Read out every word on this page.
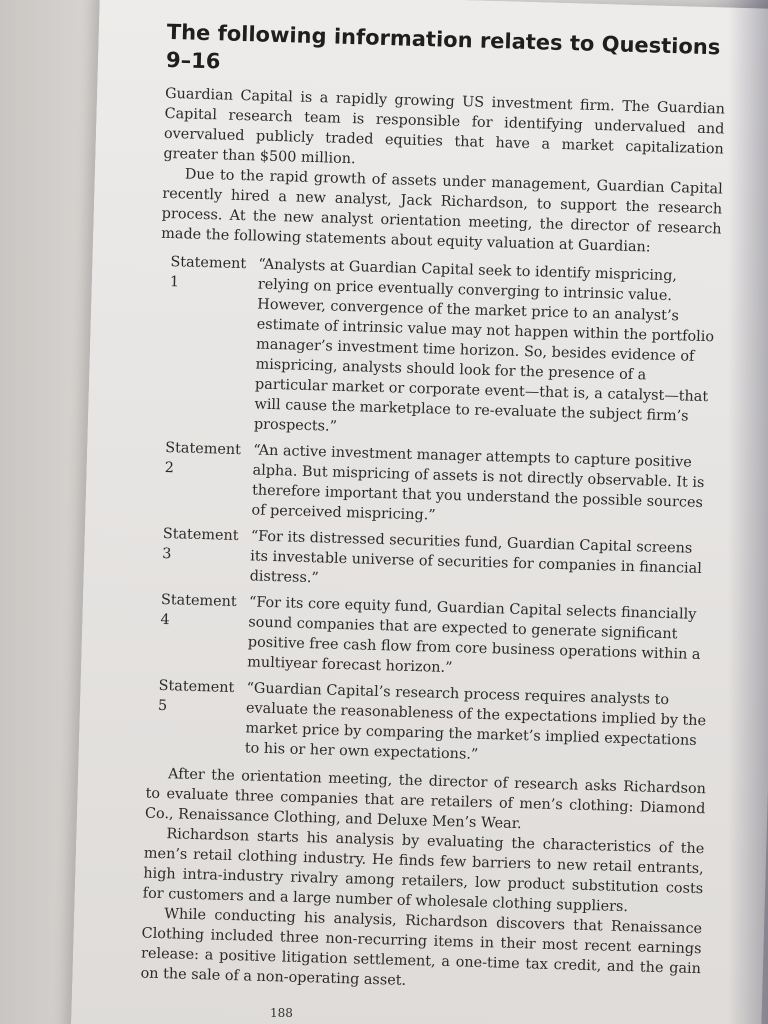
The following information relates to Questions 9–16

Guardian Capital is a rapidly growing US investment firm. The Guardian Capital research team is responsible for identifying undervalued and overvalued publicly traded equities that have a market capitalization greater than $500 million.

Due to the rapid growth of assets under management, Guardian Capital recently hired a new analyst, Jack Richardson, to support the research process. At the new analyst orientation meeting, the director of research made the following statements about equity valuation at Guardian:

Statement 1	“Analysts at Guardian Capital seek to identify mispricing, relying on price eventually converging to intrinsic value. However, convergence of the market price to an analyst’s estimate of intrinsic value may not happen within the portfolio manager’s investment time horizon. So, besides evidence of mispricing, analysts should look for the presence of a particular market or corporate event—that is, a catalyst—that will cause the marketplace to re-evaluate the subject firm’s prospects.”
Statement 2	“An active investment manager attempts to capture positive alpha. But mispricing of assets is not directly observable. It is therefore important that you understand the possible sources of perceived mispricing.”
Statement 3	“For its distressed securities fund, Guardian Capital screens its investable universe of securities for companies in financial distress.”
Statement 4	“For its core equity fund, Guardian Capital selects financially sound companies that are expected to generate significant positive free cash flow from core business operations within a multiyear forecast horizon.”
Statement 5	“Guardian Capital’s research process requires analysts to evaluate the reasonableness of the expectations implied by the market price by comparing the market’s implied expectations to his or her own expectations.”

After the orientation meeting, the director of research asks Richardson to evaluate three companies that are retailers of men’s clothing: Diamond Co., Renaissance Clothing, and Deluxe Men’s Wear.

Richardson starts his analysis by evaluating the characteristics of the men’s retail clothing industry. He finds few barriers to new retail entrants, high intra-industry rivalry among retailers, low product substitution costs for customers and a large number of wholesale clothing suppliers.

While conducting his analysis, Richardson discovers that Renaissance Clothing included three non-recurring items in their most recent earnings release: a positive litigation settlement, a one-time tax credit, and the gain on the sale of a non-operating asset.

188
